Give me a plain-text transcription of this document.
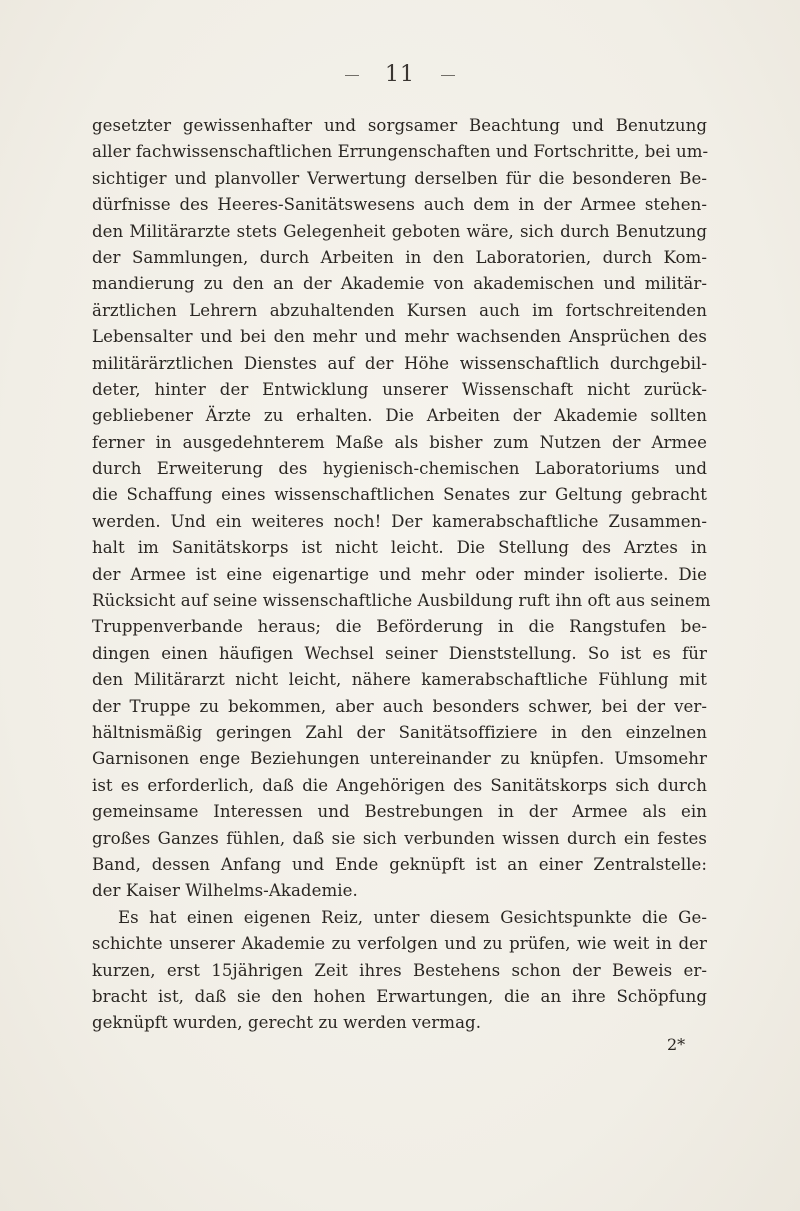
11
gesetzter gewissenhafter und sorgsamer Beachtung und Benutzung
aller fachwissenschaftlichen Errungenschaften und Fortschritte, bei um-
sichtiger und planvoller Verwertung derselben für die besonderen Be-
dürfnisse des Heeres-Sanitätswesens auch dem in der Armee stehen-
den Militärarzte stets Gelegenheit geboten wäre, sich durch Benutzung
der Sammlungen, durch Arbeiten in den Laboratorien, durch Kom-
mandierung zu den an der Akademie von akademischen und militär-
ärztlichen Lehrern abzuhaltenden Kursen auch im fortschreitenden
Lebensalter und bei den mehr und mehr wachsenden Ansprüchen des
militärärztlichen Dienstes auf der Höhe wissenschaftlich durchgebil-
deter, hinter der Entwicklung unserer Wissenschaft nicht zurück-
gebliebener Ärzte zu erhalten. Die Arbeiten der Akademie sollten
ferner in ausgedehnterem Maße als bisher zum Nutzen der Armee
durch Erweiterung des hygienisch-chemischen Laboratoriums und
die Schaffung eines wissenschaftlichen Senates zur Geltung gebracht
werden. Und ein weiteres noch! Der kamerabschaftliche Zusammen-
halt im Sanitätskorps ist nicht leicht. Die Stellung des Arztes in
der Armee ist eine eigenartige und mehr oder minder isolierte. Die
Rücksicht auf seine wissenschaftliche Ausbildung ruft ihn oft aus seinem
Truppenverbande heraus; die Beförderung in die Rangstufen be-
dingen einen häufigen Wechsel seiner Dienststellung. So ist es für
den Militärarzt nicht leicht, nähere kamerabschaftliche Fühlung mit
der Truppe zu bekommen, aber auch besonders schwer, bei der ver-
hältnismäßig geringen Zahl der Sanitätsoffiziere in den einzelnen
Garnisonen enge Beziehungen untereinander zu knüpfen. Umsomehr
ist es erforderlich, daß die Angehörigen des Sanitätskorps sich durch
gemeinsame Interessen und Bestrebungen in der Armee als ein
großes Ganzes fühlen, daß sie sich verbunden wissen durch ein festes
Band, dessen Anfang und Ende geknüpft ist an einer Zentralstelle:
der Kaiser Wilhelms-Akademie.
Es hat einen eigenen Reiz, unter diesem Gesichtspunkte die Ge-
schichte unserer Akademie zu verfolgen und zu prüfen, wie weit in der
kurzen, erst 15jährigen Zeit ihres Bestehens schon der Beweis er-
bracht ist, daß sie den hohen Erwartungen, die an ihre Schöpfung
geknüpft wurden, gerecht zu werden vermag.
2*
